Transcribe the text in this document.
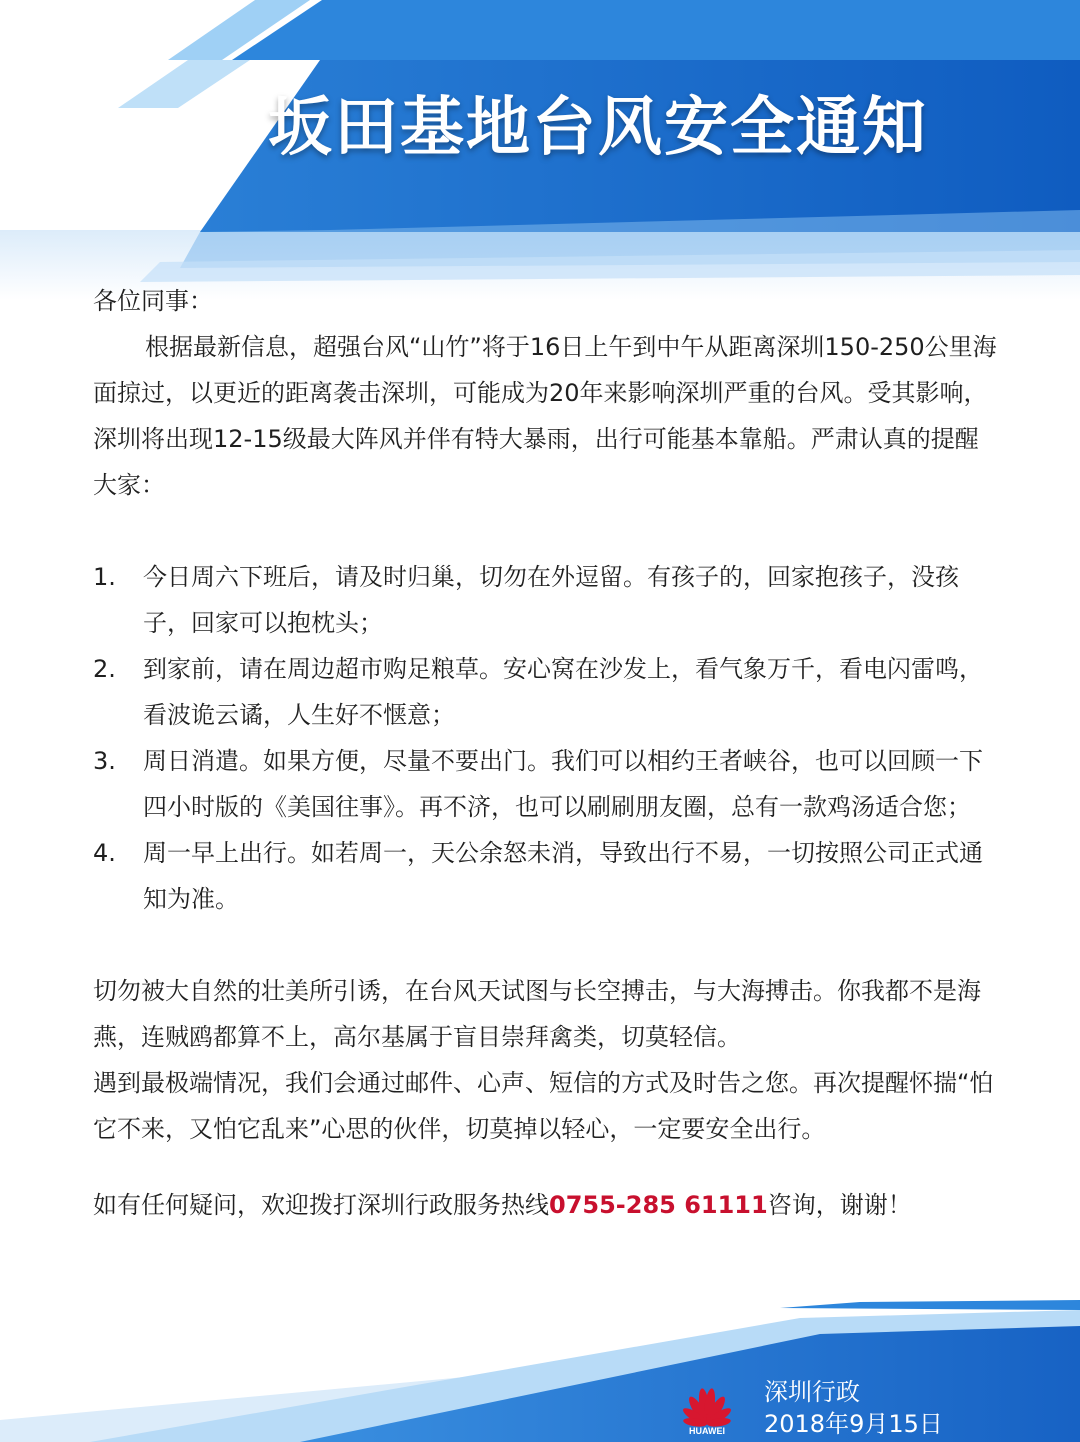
坂田基地台风安全通知

各位同事：

根据最新信息，超强台风“山竹”将于16日上午到中午从距离深圳150-250公里海面掠过，以更近的距离袭击深圳，可能成为20年来影响深圳严重的台风。受其影响，深圳将出现12-15级最大阵风并伴有特大暴雨，出行可能基本靠船。严肃认真的提醒大家：

1. 今日周六下班后，请及时归巢，切勿在外逗留。有孩子的，回家抱孩子，没孩子，回家可以抱枕头；
2. 到家前，请在周边超市购足粮草。安心窝在沙发上，看气象万千，看电闪雷鸣，看波诡云谲，人生好不惬意；
3. 周日消遣。如果方便，尽量不要出门。我们可以相约王者峡谷，也可以回顾一下四小时版的《美国往事》。再不济，也可以刷刷朋友圈，总有一款鸡汤适合您；
4. 周一早上出行。如若周一，天公余怒未消，导致出行不易，一切按照公司正式通知为准。

切勿被大自然的壮美所引诱，在台风天试图与长空搏击，与大海搏击。你我都不是海燕，连贼鸥都算不上，高尔基属于盲目崇拜禽类，切莫轻信。

遇到最极端情况，我们会通过邮件、心声、短信的方式及时告之您。再次提醒怀揣“怕它不来，又怕它乱来”心思的伙伴，切莫掉以轻心，一定要安全出行。

如有任何疑问，欢迎拨打深圳行政服务热线0755-285 61111咨询，谢谢！

HUAWEI
深圳行政
2018年9月15日
